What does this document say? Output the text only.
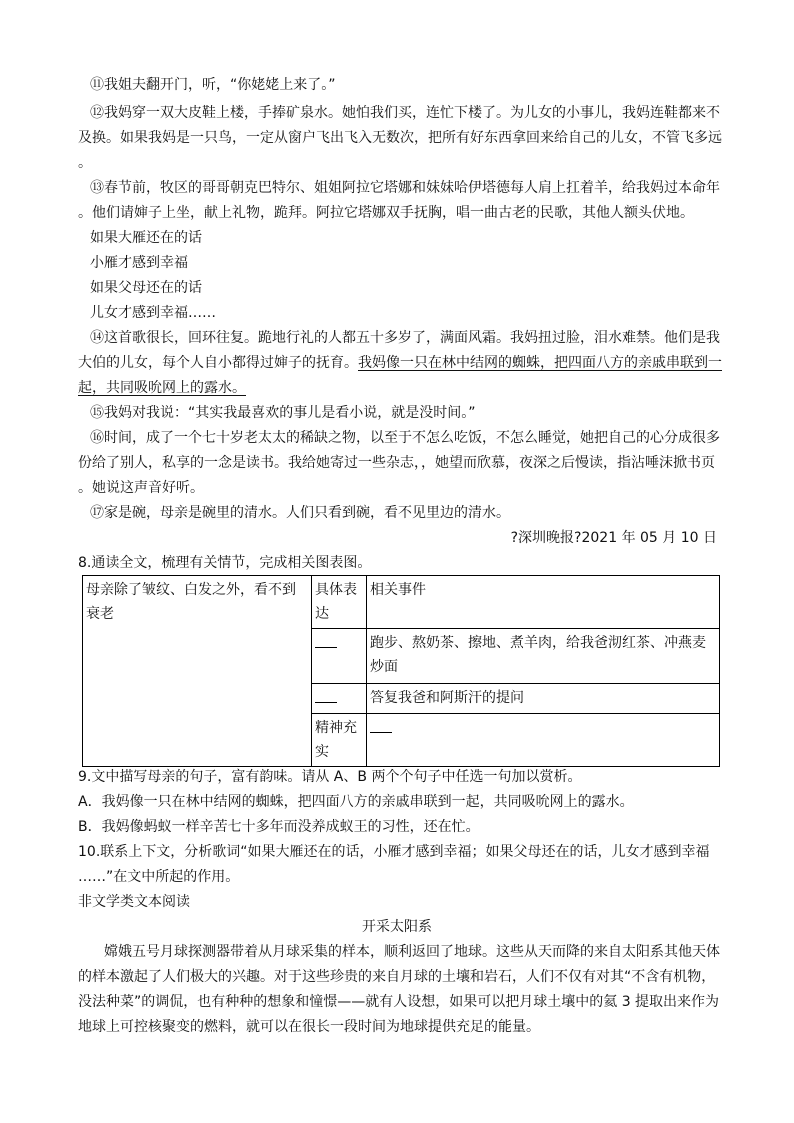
⑪我姐夫翻开门，听，“你姥姥上来了。”
⑫我妈穿一双大皮鞋上楼，手捧矿泉水。她怕我们买，连忙下楼了。为儿女的小事儿，我妈连鞋都来不
及换。如果我妈是一只鸟，一定从窗户飞出飞入无数次，把所有好东西拿回来给自己的儿女，不管飞多远
。
⑬春节前，牧区的哥哥朝克巴特尔、姐姐阿拉它塔娜和妹妹哈伊塔德每人肩上扛着羊，给我妈过本命年
。他们请婶子上坐，献上礼物，跪拜。阿拉它塔娜双手抚胸，唱一曲古老的民歌，其他人额头伏地。
如果大雁还在的话
小雁才感到幸福
如果父母还在的话
儿女才感到幸福……
⑭这首歌很长，回环往复。跪地行礼的人都五十多岁了，满面风霜。我妈扭过脸，泪水难禁。他们是我
大伯的儿女，每个人自小都得过婶子的抚育。我妈像一只在林中结网的蜘蛛，把四面八方的亲戚串联到一
起，共同吸吮网上的露水。
⑮我妈对我说：“其实我最喜欢的事儿是看小说，就是没时间。”
⑯时间，成了一个七十岁老太太的稀缺之物，以至于不怎么吃饭，不怎么睡觉，她把自己的心分成很多
份给了别人，私享的一念是读书。我给她寄过一些杂志，，她望而欣慕，夜深之后慢读，指沾唾沫掀书页
。她说这声音好听。
⑰家是碗，母亲是碗里的清水。人们只看到碗，看不见里边的清水。
?深圳晚报?2021 年 05 月 10 日
8.通读全文，梳理有关情节，完成相关图表图。
母亲除了皱纹、白发之外，看不到衰老	具体表达	相关事件
		跑步、熬奶茶、擦地、煮羊肉，给我爸沏红茶、冲燕麦炒面
		答复我爸和阿斯汗的提问
	精神充实	
9.文中描写母亲的句子，富有韵味。请从 A、B 两个个句子中任选一句加以赏析。
A．我妈像一只在林中结网的蜘蛛，把四面八方的亲戚串联到一起，共同吸吮网上的露水。
B．我妈像蚂蚁一样辛苦七十多年而没养成蚁王的习性，还在忙。
10.联系上下文，分析歌词“如果大雁还在的话，小雁才感到幸福；如果父母还在的话，儿女才感到幸福
……”在文中所起的作用。
非文学类文本阅读
开采太阳系
嫦娥五号月球探测器带着从月球采集的样本，顺利返回了地球。这些从天而降的来自太阳系其他天体
的样本激起了人们极大的兴趣。对于这些珍贵的来自月球的土壤和岩石，人们不仅有对其“不含有机物，
没法种菜”的调侃，也有种种的想象和憧憬——就有人设想，如果可以把月球土壤中的氦 3 提取出来作为
地球上可控核聚变的燃料，就可以在很长一段时间为地球提供充足的能量。
